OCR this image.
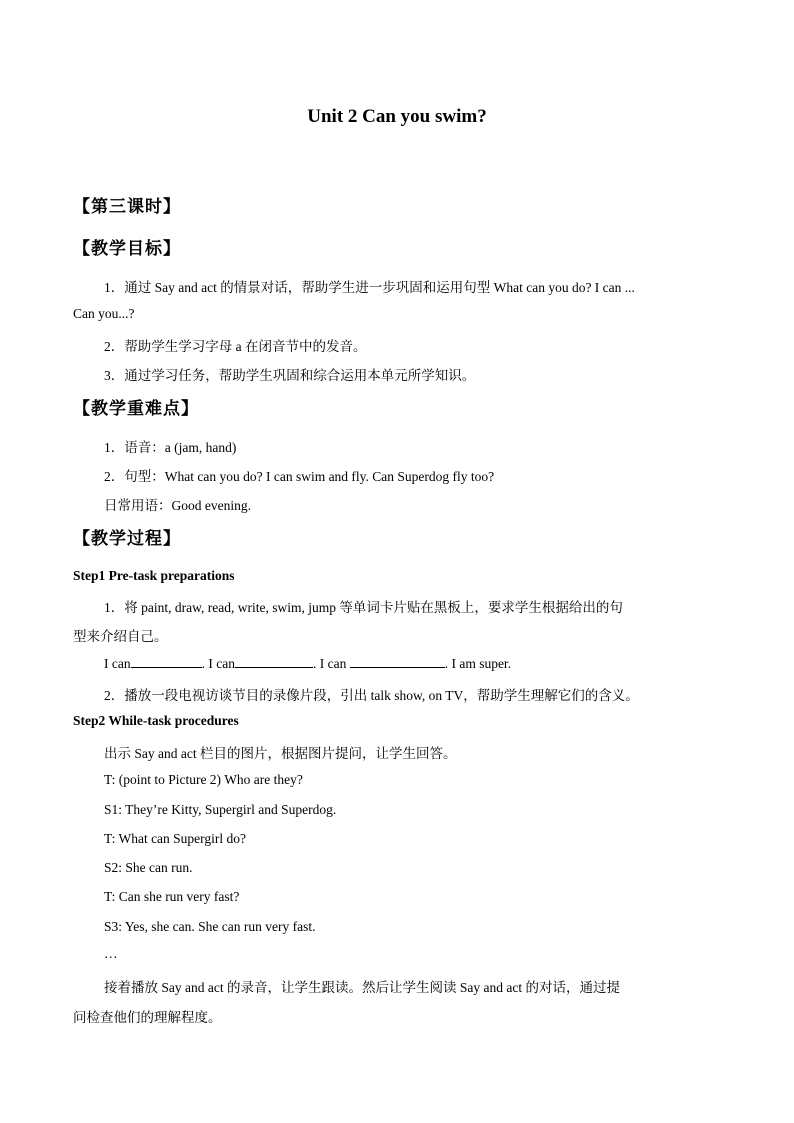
Unit 2 Can you swim?
【第三课时】
【教学目标】
1．通过 Say and act 的情景对话，帮助学生进一步巩固和运用句型 What can you do? I can ...
Can you...?
2．帮助学生学习字母 a 在闭音节中的发音。
3．通过学习任务，帮助学生巩固和综合运用本单元所学知识。
【教学重难点】
1．语音：a (jam, hand)
2．句型：What can you do? I can swim and fly. Can Superdog fly too?
日常用语：Good evening.
【教学过程】
Step1 Pre-task preparations
1．将 paint, draw, read, write, swim, jump 等单词卡片贴在黑板上，要求学生根据给出的句
型来介绍自己。
I can	. I can	. I can	. I am super.
2．播放一段电视访谈节目的录像片段，引出 talk show, on TV，帮助学生理解它们的含义。
Step2 While-task procedures
出示 Say and act 栏目的图片，根据图片提问，让学生回答。
T: (point to Picture 2) Who are they?
S1: They’re Kitty, Supergirl and Superdog.
T: What can Supergirl do?
S2: She can run.
T: Can she run very fast?
S3: Yes, she can. She can run very fast.
…
接着播放 Say and act 的录音，让学生跟读。然后让学生阅读 Say and act 的对话，通过提
问检查他们的理解程度。
